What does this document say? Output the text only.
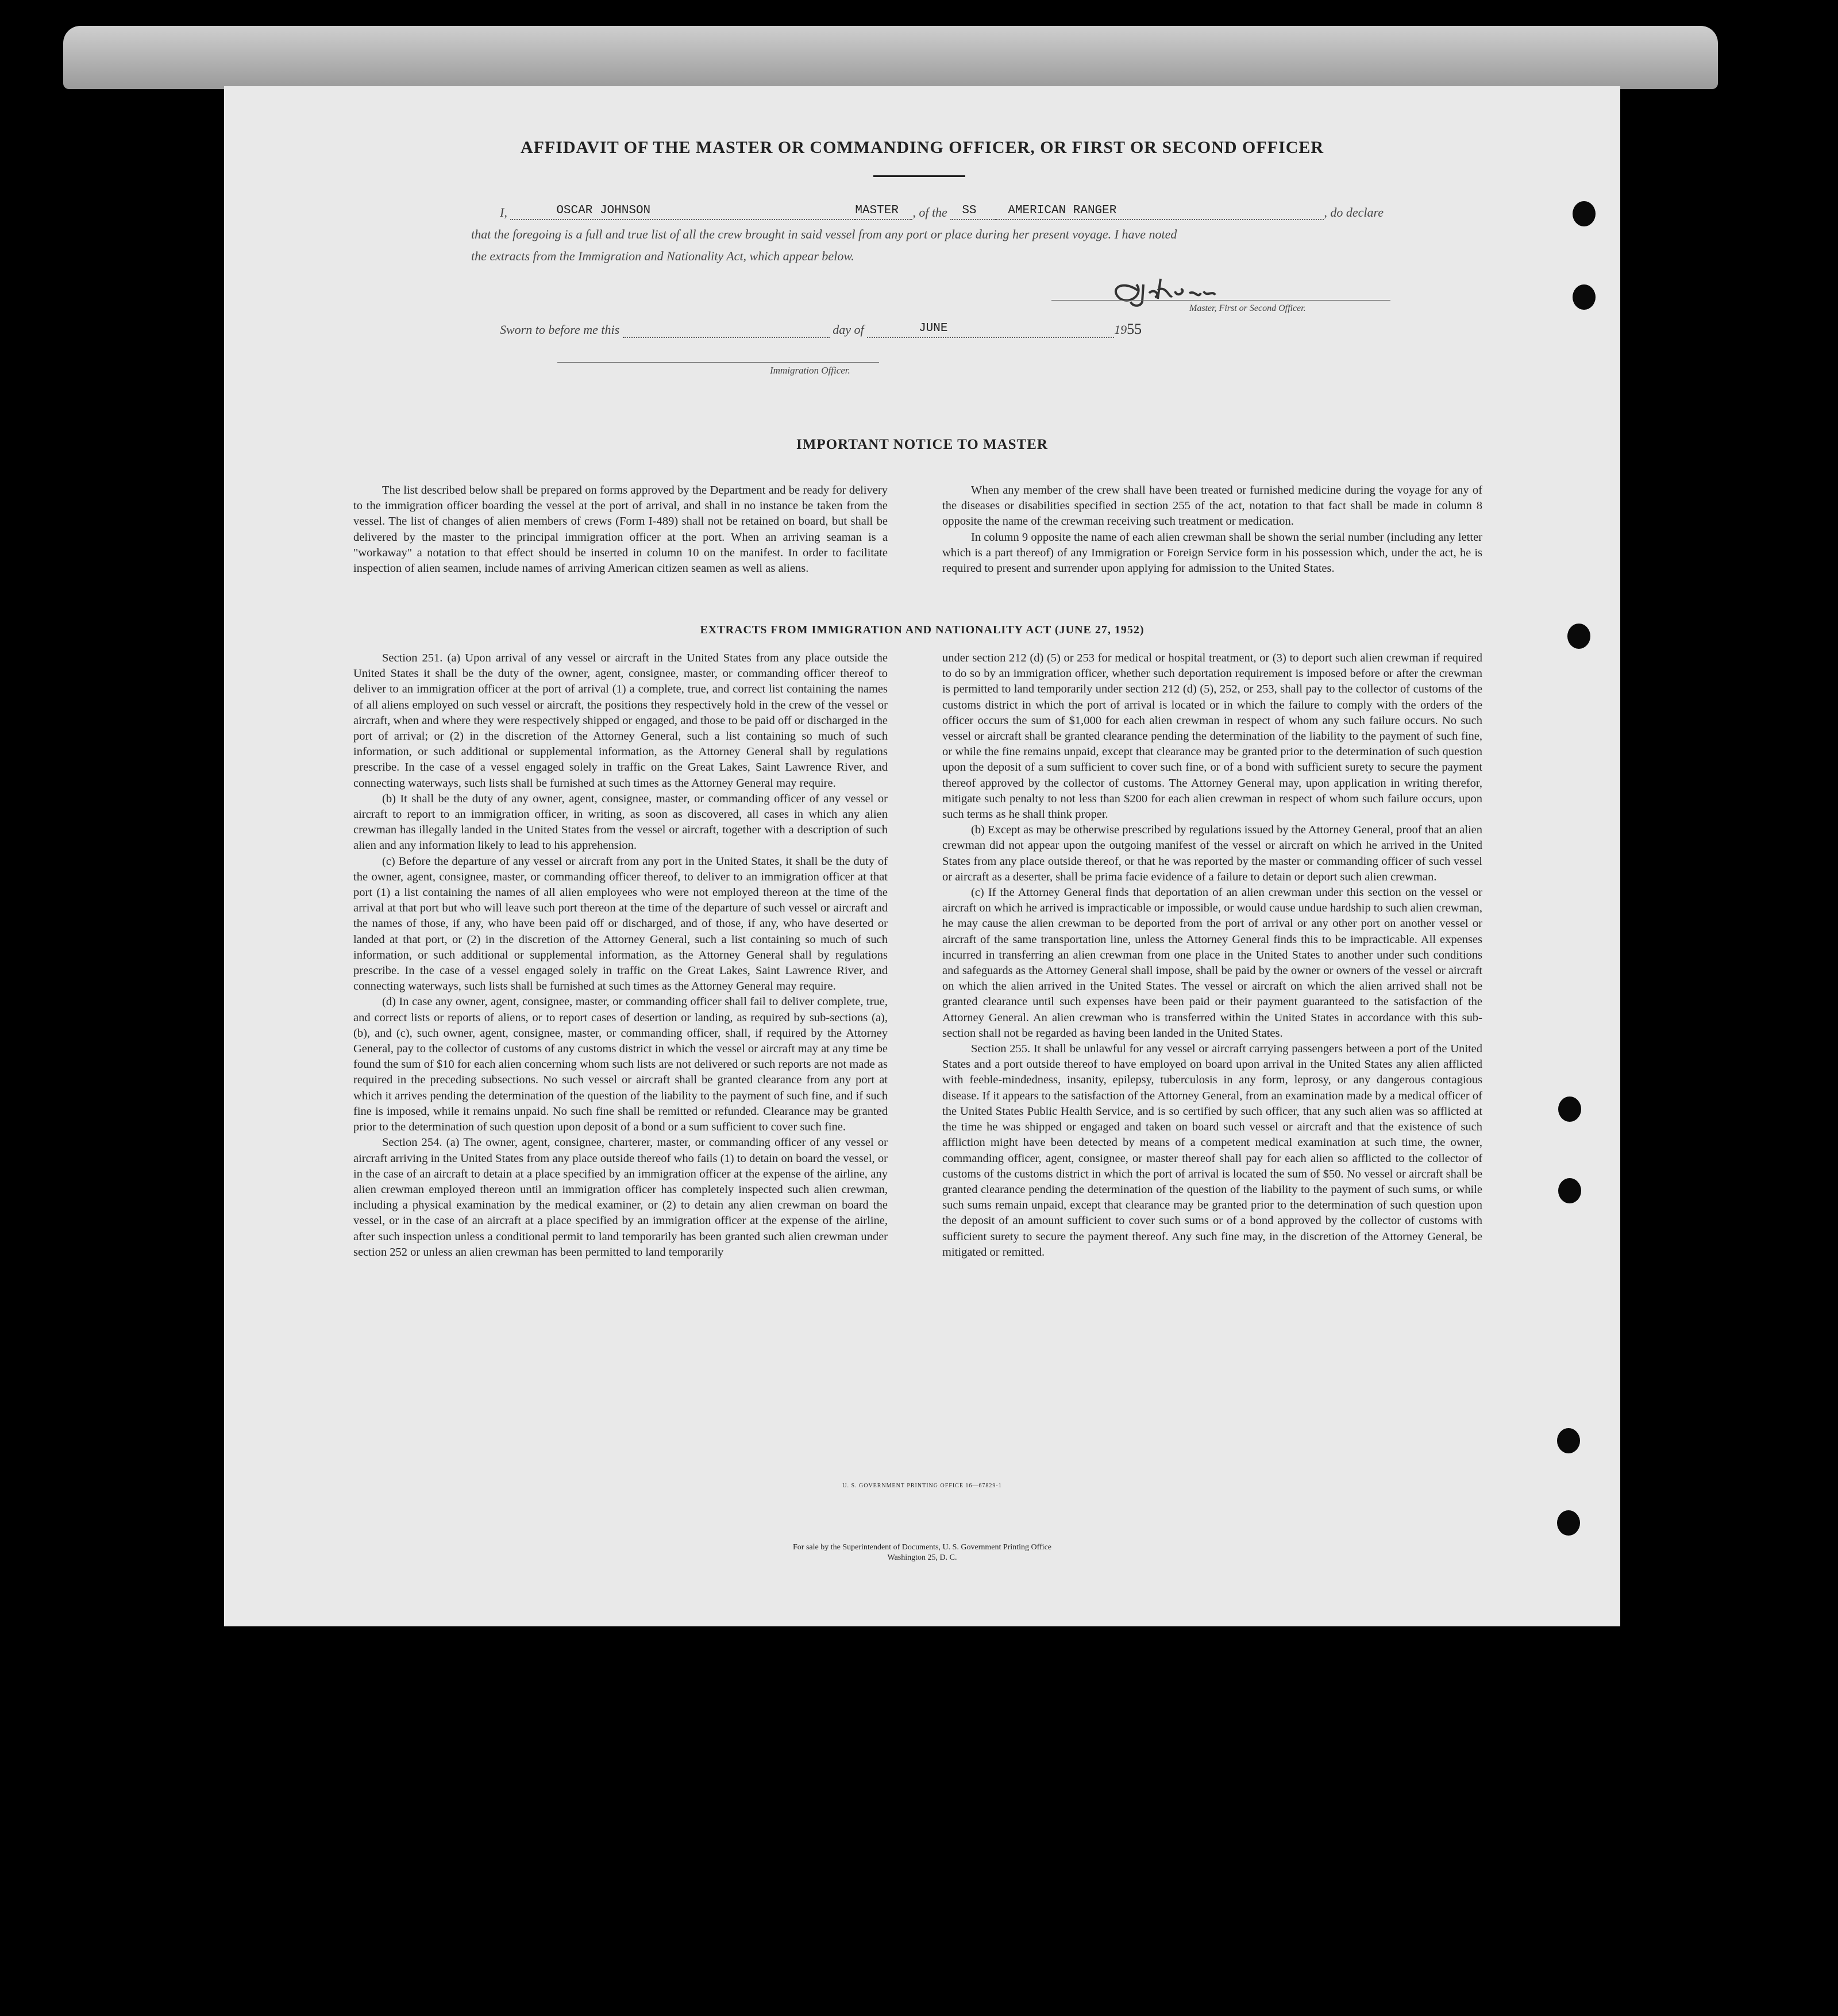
AFFIDAVIT OF THE MASTER OR COMMANDING OFFICER, OR FIRST OR SECOND OFFICER
I,	OSCAR JOHNSON	MASTER , of the SS	AMERICAN RANGER	, do declare
that the foregoing is a full and true list of all the crew brought in said vessel from any port or place during her present voyage. I have noted
the extracts from the Immigration and Nationality Act, which appear below.
Master, First or Second Officer.
Sworn to before me this	day of	JUNE	1955
Immigration Officer.
IMPORTANT NOTICE TO MASTER

The list described below shall be prepared on forms approved by the Department and be ready for delivery to the immigration officer boarding the vessel at the port of arrival, and shall in no instance be taken from the vessel. The list of changes of alien members of crews (Form I-489) shall not be retained on board, but shall be delivered by the master to the principal immigration officer at the port. When an arriving seaman is a "workaway" a notation to that effect should be inserted in column 10 on the manifest. In order to facilitate inspection of alien seamen, include names of arriving American citizen seamen as well as aliens.

When any member of the crew shall have been treated or furnished medicine during the voyage for any of the diseases or disabilities specified in section 255 of the act, notation to that fact shall be made in column 8 opposite the name of the crewman receiving such treatment or medication.

In column 9 opposite the name of each alien crewman shall be shown the serial number (including any letter which is a part thereof) of any Immigration or Foreign Service form in his possession which, under the act, he is required to present and surrender upon applying for admission to the United States.

EXTRACTS FROM IMMIGRATION AND NATIONALITY ACT (JUNE 27, 1952)

Section 251. (a) Upon arrival of any vessel or aircraft in the United States from any place outside the United States it shall be the duty of the owner, agent, consignee, master, or commanding officer thereof to deliver to an immigration officer at the port of arrival (1) a complete, true, and correct list containing the names of all aliens employed on such vessel or aircraft, the positions they respectively hold in the crew of the vessel or aircraft, when and where they were respectively shipped or engaged, and those to be paid off or discharged in the port of arrival; or (2) in the discretion of the Attorney General, such a list containing so much of such information, or such additional or supplemental information, as the Attorney General shall by regulations prescribe. In the case of a vessel engaged solely in traffic on the Great Lakes, Saint Lawrence River, and connecting waterways, such lists shall be furnished at such times as the Attorney General may require.

(b) It shall be the duty of any owner, agent, consignee, master, or commanding officer of any vessel or aircraft to report to an immigration officer, in writing, as soon as discovered, all cases in which any alien crewman has illegally landed in the United States from the vessel or aircraft, together with a description of such alien and any information likely to lead to his apprehension.

(c) Before the departure of any vessel or aircraft from any port in the United States, it shall be the duty of the owner, agent, consignee, master, or commanding officer thereof, to deliver to an immigration officer at that port (1) a list containing the names of all alien employees who were not employed thereon at the time of the arrival at that port but who will leave such port thereon at the time of the departure of such vessel or aircraft and the names of those, if any, who have been paid off or discharged, and of those, if any, who have deserted or landed at that port, or (2) in the discretion of the Attorney General, such a list containing so much of such information, or such additional or supplemental information, as the Attorney General shall by regulations prescribe. In the case of a vessel engaged solely in traffic on the Great Lakes, Saint Lawrence River, and connecting waterways, such lists shall be furnished at such times as the Attorney General may require.

(d) In case any owner, agent, consignee, master, or commanding officer shall fail to deliver complete, true, and correct lists or reports of aliens, or to report cases of desertion or landing, as required by sub-sections (a), (b), and (c), such owner, agent, consignee, master, or commanding officer, shall, if required by the Attorney General, pay to the collector of customs of any customs district in which the vessel or aircraft may at any time be found the sum of $10 for each alien concerning whom such lists are not delivered or such reports are not made as required in the preceding subsections. No such vessel or aircraft shall be granted clearance from any port at which it arrives pending the determination of the question of the liability to the payment of such fine, and if such fine is imposed, while it remains unpaid. No such fine shall be remitted or refunded. Clearance may be granted prior to the determination of such question upon deposit of a bond or a sum sufficient to cover such fine.

Section 254. (a) The owner, agent, consignee, charterer, master, or commanding officer of any vessel or aircraft arriving in the United States from any place outside thereof who fails (1) to detain on board the vessel, or in the case of an aircraft to detain at a place specified by an immigration officer at the expense of the airline, any alien crewman employed thereon until an immigration officer has completely inspected such alien crewman, including a physical examination by the medical examiner, or (2) to detain any alien crewman on board the vessel, or in the case of an aircraft at a place specified by an immigration officer at the expense of the airline, after such inspection unless a conditional permit to land temporarily has been granted such alien crewman under section 252 or unless an alien crewman has been permitted to land temporarily

under section 212 (d) (5) or 253 for medical or hospital treatment, or (3) to deport such alien crewman if required to do so by an immigration officer, whether such deportation requirement is imposed before or after the crewman is permitted to land temporarily under section 212 (d) (5), 252, or 253, shall pay to the collector of customs of the customs district in which the port of arrival is located or in which the failure to comply with the orders of the officer occurs the sum of $1,000 for each alien crewman in respect of whom any such failure occurs. No such vessel or aircraft shall be granted clearance pending the determination of the liability to the payment of such fine, or while the fine remains unpaid, except that clearance may be granted prior to the determination of such question upon the deposit of a sum sufficient to cover such fine, or of a bond with sufficient surety to secure the payment thereof approved by the collector of customs. The Attorney General may, upon application in writing therefor, mitigate such penalty to not less than $200 for each alien crewman in respect of whom such failure occurs, upon such terms as he shall think proper.

(b) Except as may be otherwise prescribed by regulations issued by the Attorney General, proof that an alien crewman did not appear upon the outgoing manifest of the vessel or aircraft on which he arrived in the United States from any place outside thereof, or that he was reported by the master or commanding officer of such vessel or aircraft as a deserter, shall be prima facie evidence of a failure to detain or deport such alien crewman.

(c) If the Attorney General finds that deportation of an alien crewman under this section on the vessel or aircraft on which he arrived is impracticable or impossible, or would cause undue hardship to such alien crewman, he may cause the alien crewman to be deported from the port of arrival or any other port on another vessel or aircraft of the same transportation line, unless the Attorney General finds this to be impracticable. All expenses incurred in transferring an alien crewman from one place in the United States to another under such conditions and safeguards as the Attorney General shall impose, shall be paid by the owner or owners of the vessel or aircraft on which the alien arrived in the United States. The vessel or aircraft on which the alien arrived shall not be granted clearance until such expenses have been paid or their payment guaranteed to the satisfaction of the Attorney General. An alien crewman who is transferred within the United States in accordance with this sub-section shall not be regarded as having been landed in the United States.

Section 255. It shall be unlawful for any vessel or aircraft carrying passengers between a port of the United States and a port outside thereof to have employed on board upon arrival in the United States any alien afflicted with feeble-mindedness, insanity, epilepsy, tuberculosis in any form, leprosy, or any dangerous contagious disease. If it appears to the satisfaction of the Attorney General, from an examination made by a medical officer of the United States Public Health Service, and is so certified by such officer, that any such alien was so afflicted at the time he was shipped or engaged and taken on board such vessel or aircraft and that the existence of such affliction might have been detected by means of a competent medical examination at such time, the owner, commanding officer, agent, consignee, or master thereof shall pay for each alien so afflicted to the collector of customs of the customs district in which the port of arrival is located the sum of $50. No vessel or aircraft shall be granted clearance pending the determination of the question of the liability to the payment of such sums, or while such sums remain unpaid, except that clearance may be granted prior to the determination of such question upon the deposit of an amount sufficient to cover such sums or of a bond approved by the collector of customs with sufficient surety to secure the payment thereof. Any such fine may, in the discretion of the Attorney General, be mitigated or remitted.

U. S. GOVERNMENT PRINTING OFFICE 16—67829-1
For sale by the Superintendent of Documents, U. S. Government Printing Office
Washington 25, D. C.
